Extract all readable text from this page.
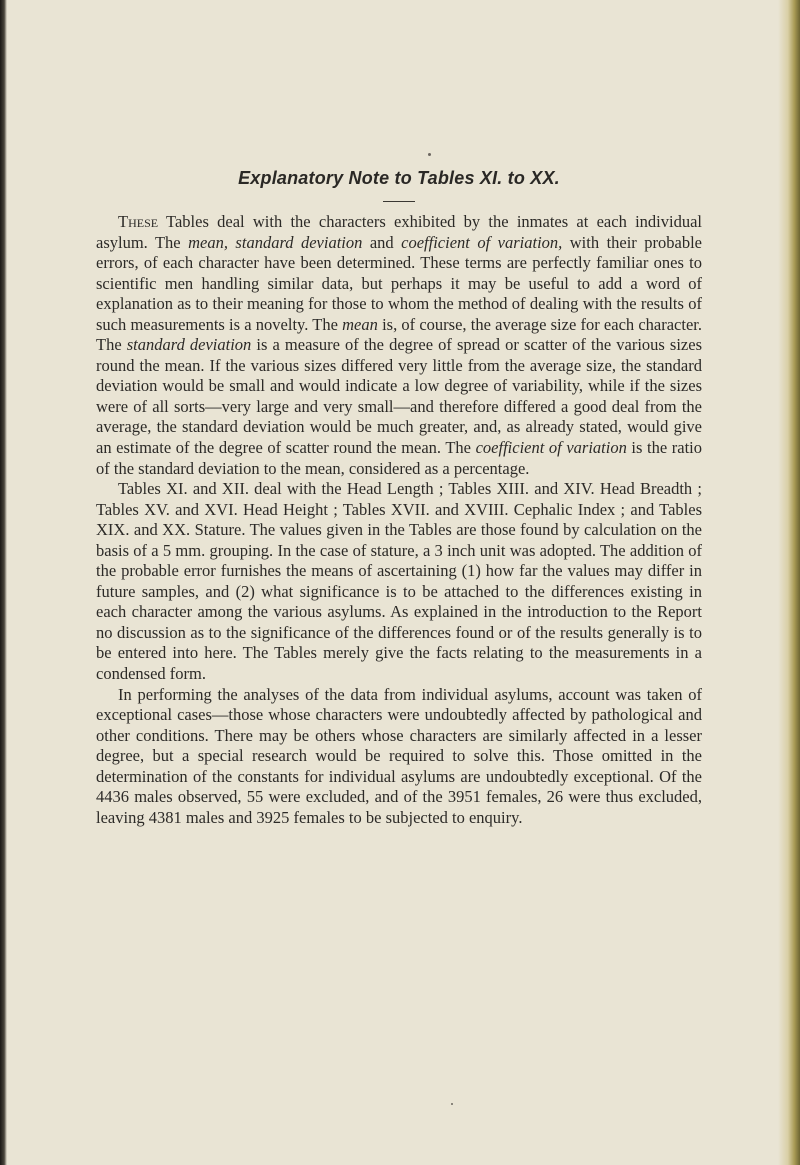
Explanatory Note to Tables XI. to XX.

These Tables deal with the characters exhibited by the inmates at each individual asylum. The mean, standard deviation and coefficient of variation, with their probable errors, of each character have been determined. These terms are perfectly familiar ones to scientific men handling similar data, but perhaps it may be useful to add a word of explanation as to their meaning for those to whom the method of dealing with the results of such measurements is a novelty. The mean is, of course, the average size for each character. The standard deviation is a measure of the degree of spread or scatter of the various sizes round the mean. If the various sizes differed very little from the average size, the standard deviation would be small and would indicate a low degree of variability, while if the sizes were of all sorts—very large and very small—and therefore differed a good deal from the average, the standard deviation would be much greater, and, as already stated, would give an estimate of the degree of scatter round the mean. The coefficient of variation is the ratio of the standard deviation to the mean, considered as a percentage.

Tables XI. and XII. deal with the Head Length ; Tables XIII. and XIV. Head Breadth ; Tables XV. and XVI. Head Height ; Tables XVII. and XVIII. Cephalic Index ; and Tables XIX. and XX. Stature. The values given in the Tables are those found by calculation on the basis of a 5 mm. grouping. In the case of stature, a 3 inch unit was adopted. The addition of the probable error furnishes the means of ascertaining (1) how far the values may differ in future samples, and (2) what significance is to be attached to the differences existing in each character among the various asylums. As explained in the introduction to the Report no discussion as to the significance of the differences found or of the results generally is to be entered into here. The Tables merely give the facts relating to the measurements in a condensed form.

In performing the analyses of the data from individual asylums, account was taken of exceptional cases—those whose characters were undoubtedly affected by pathological and other conditions. There may be others whose characters are similarly affected in a lesser degree, but a special research would be required to solve this. Those omitted in the determination of the constants for individual asylums are undoubtedly exceptional. Of the 4436 males observed, 55 were excluded, and of the 3951 females, 26 were thus excluded, leaving 4381 males and 3925 females to be subjected to enquiry.
